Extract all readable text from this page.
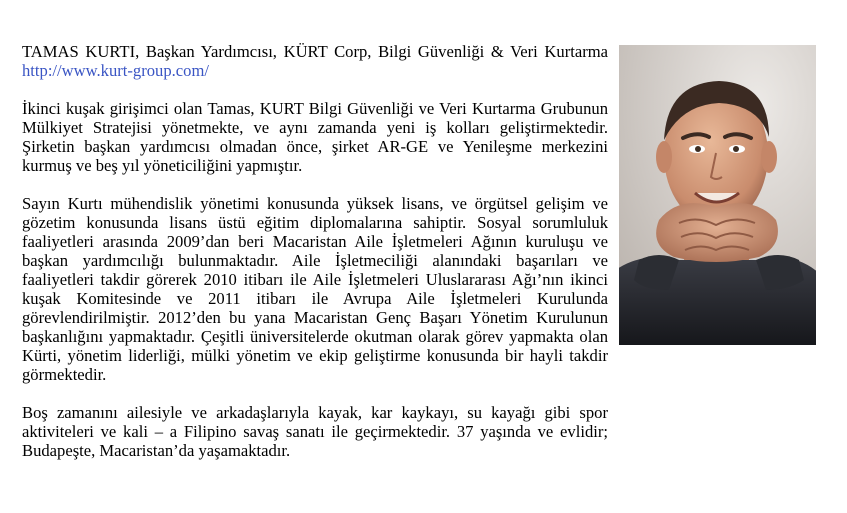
TAMAS KURTI, Başkan Yardımcısı, KÜRT Corp, Bilgi Güvenliği & Veri Kurtarma http://www.kurt-group.com/

İkinci kuşak girişimci olan Tamas, KURT Bilgi Güvenliği ve Veri Kurtarma Grubunun Mülkiyet Stratejisi yönetmekte, ve aynı zamanda yeni iş kolları geliştirmektedir. Şirketin başkan yardımcısı olmadan önce, şirket AR-GE ve Yenileşme merkezini kurmuş ve beş yıl yöneticiliğini yapmıştır.

Sayın Kurtı mühendislik yönetimi konusunda yüksek lisans, ve örgütsel gelişim ve gözetim konusunda lisans üstü eğitim diplomalarına sahiptir. Sosyal sorumluluk faaliyetleri arasında 2009’dan beri Macaristan Aile İşletmeleri Ağının kuruluşu ve başkan yardımcılığı bulunmaktadır. Aile İşletmeciliği alanındaki başarıları ve faaliyetleri takdir görerek 2010 itibarı ile Aile İşletmeleri Uluslararası Ağı’nın ikinci kuşak Komitesinde ve 2011 itibarı ile Avrupa Aile İşletmeleri Kurulunda görevlendirilmiştir. 2012’den bu yana Macaristan Genç Başarı Yönetim Kurulunun başkanlığını yapmaktadır. Çeşitli üniversitelerde okutman olarak görev yapmakta olan Kürti, yönetim liderliği, mülki yönetim ve ekip geliştirme konusunda bir hayli takdir görmektedir.

Boş zamanını ailesiyle ve arkadaşlarıyla kayak, kar kaykayı, su kayağı gibi spor aktiviteleri ve kali – a Filipino savaş sanatı ile geçirmektedir. 37 yaşında ve evlidir; Budapeşte, Macaristan’da yaşamaktadır.
